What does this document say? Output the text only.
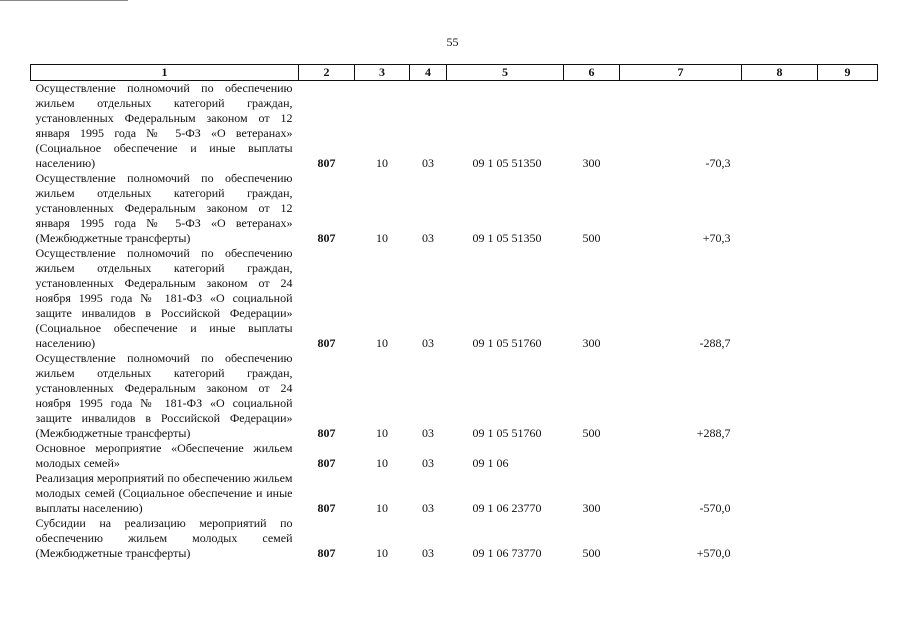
55
1	2	3	4	5	6	7	8	9
Осуществление полномочий по обеспечению жильем отдельных категорий граждан, установленных Федеральным законом от 12 января 1995 года № 5-ФЗ «О ветеранах» (Социальное обеспечение и иные выплаты населению)	807	10	03	09 1 05 51350	300	-70,3		
Осуществление полномочий по обеспечению жильем отдельных категорий граждан, установленных Федеральным законом от 12 января 1995 года № 5-ФЗ «О ветеранах» (Межбюджетные трансферты)	807	10	03	09 1 05 51350	500	+70,3		
Осуществление полномочий по обеспечению жильем отдельных категорий граждан, установленных Федеральным законом от 24 ноября 1995 года № 181-ФЗ «О социальной защите инвалидов в Российской Федерации» (Социальное обеспечение и иные выплаты населению)	807	10	03	09 1 05 51760	300	-288,7		
Осуществление полномочий по обеспечению жильем отдельных категорий граждан, установленных Федеральным законом от 24 ноября 1995 года № 181-ФЗ «О социальной защите инвалидов в Российской Федерации» (Межбюджетные трансферты)	807	10	03	09 1 05 51760	500	+288,7		
Основное мероприятие «Обеспечение жильем молодых семей»	807	10	03	09 1 06				
Реализация мероприятий по обеспечению жильем молодых семей (Социальное обеспечение и иные выплаты населению)	807	10	03	09 1 06 23770	300	-570,0		
Субсидии на реализацию мероприятий по обеспечению жильем молодых семей (Межбюджетные трансферты)	807	10	03	09 1 06 73770	500	+570,0		
